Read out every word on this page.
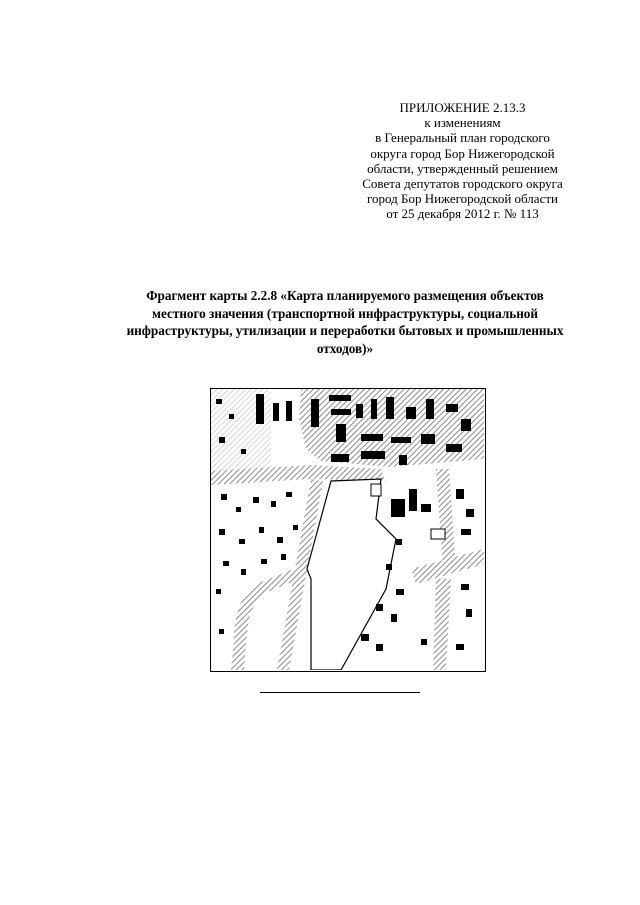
ПРИЛОЖЕНИЕ 2.13.3
к изменениям
в Генеральный план городского
округа город Бор Нижегородской
области, утвержденный решением
Совета депутатов городского округа
город Бор Нижегородской области
от 25 декабря 2012 г. № 113
Фрагмент карты 2.2.8 «Карта планируемого размещения объектов
местного значения (транспортной инфраструктуры, социальной
инфраструктуры, утилизации и переработки бытовых и промышленных
отходов)»
